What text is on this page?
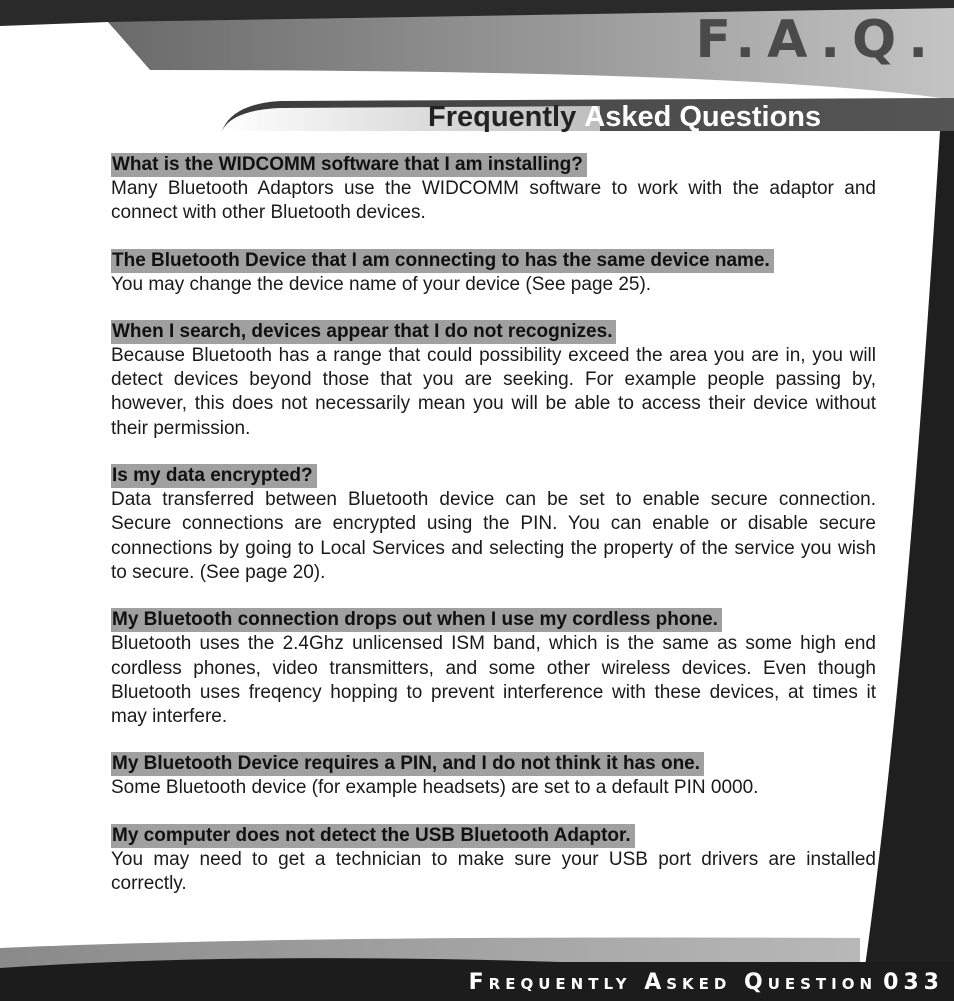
F.A.Q.
Frequently Asked Questions
What is the WIDCOMM software that I am installing?

Many Bluetooth Adaptors use the WIDCOMM software to work with the adaptor and connect with other Bluetooth devices.

The Bluetooth Device that I am connecting to has the same device name.

You may change the device name of your device (See page 25).

When I search, devices appear that I do not recognizes.

Because Bluetooth has a range that could possibility exceed the area you are in, you will detect devices beyond those that you are seeking. For example people passing by, however, this does not necessarily mean you will be able to access their device without their permission.

Is my data encrypted?

Data transferred between Bluetooth device can be set to enable secure connection. Secure connections are encrypted using the PIN. You can enable or disable secure connections by going to Local Services and selecting the property of the service you wish to secure. (See page 20).

My Bluetooth connection drops out when I use my cordless phone.

Bluetooth uses the 2.4Ghz unlicensed ISM band, which is the same as some high end cordless phones, video transmitters, and some other wireless devices. Even though Bluetooth uses freqency hopping to prevent interference with these devices, at times it may interfere.

My Bluetooth Device requires a PIN, and I do not think it has one.

Some Bluetooth device (for example headsets) are set to a default PIN 0000.

My computer does not detect the USB Bluetooth Adaptor.

You may need to get a technician to make sure your USB port drivers are installed correctly.

Frequently Asked Question 033
